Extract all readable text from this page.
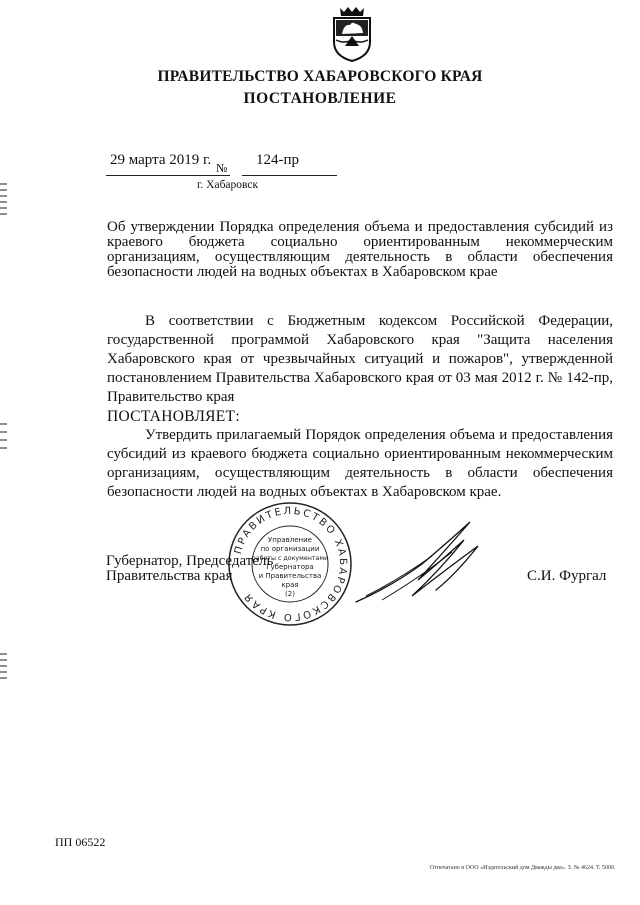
ПРАВИТЕЛЬСТВО ХАБАРОВСКОГО КРАЯ
ПОСТАНОВЛЕНИЕ
29 марта 2019 г. № 124-пр
г. Хабаровск
Об утверждении Порядка определения объема и предоставления субсидий из краевого бюджета социально ориентированным некоммерческим организациям, осуществляющим деятельность в области обеспечения безопасности людей на водных объектах в Хабаровском крае

В соответствии с Бюджетным кодексом Российской Федерации, государственной программой Хабаровского края "Защита населения Хабаровского края от чрезвычайных ситуаций и пожаров", утвержденной постановлением Правительства Хабаровского края от 03 мая 2012 г. № 142-пр, Правительство края

ПОСТАНОВЛЯЕТ:

Утвердить прилагаемый Порядок определения объема и предоставления субсидий из краевого бюджета социально ориентированным некоммерческим организациям, осуществляющим деятельность в области обеспечения безопасности людей на водных объектах в Хабаровском крае.

ПРАВИТЕЛЬСТВО ХАБАРОВСКОГО КРАЯ
Управление
по организации
работы с документами
Губернатора
и Правительства
края
(2)
Губернатор, Председатель
Правительства края	С.И. Фургал
ПП 06522
Отпечатано в ООО «Издательский дом Дважды два». З. № 4624. Т. 5000.
